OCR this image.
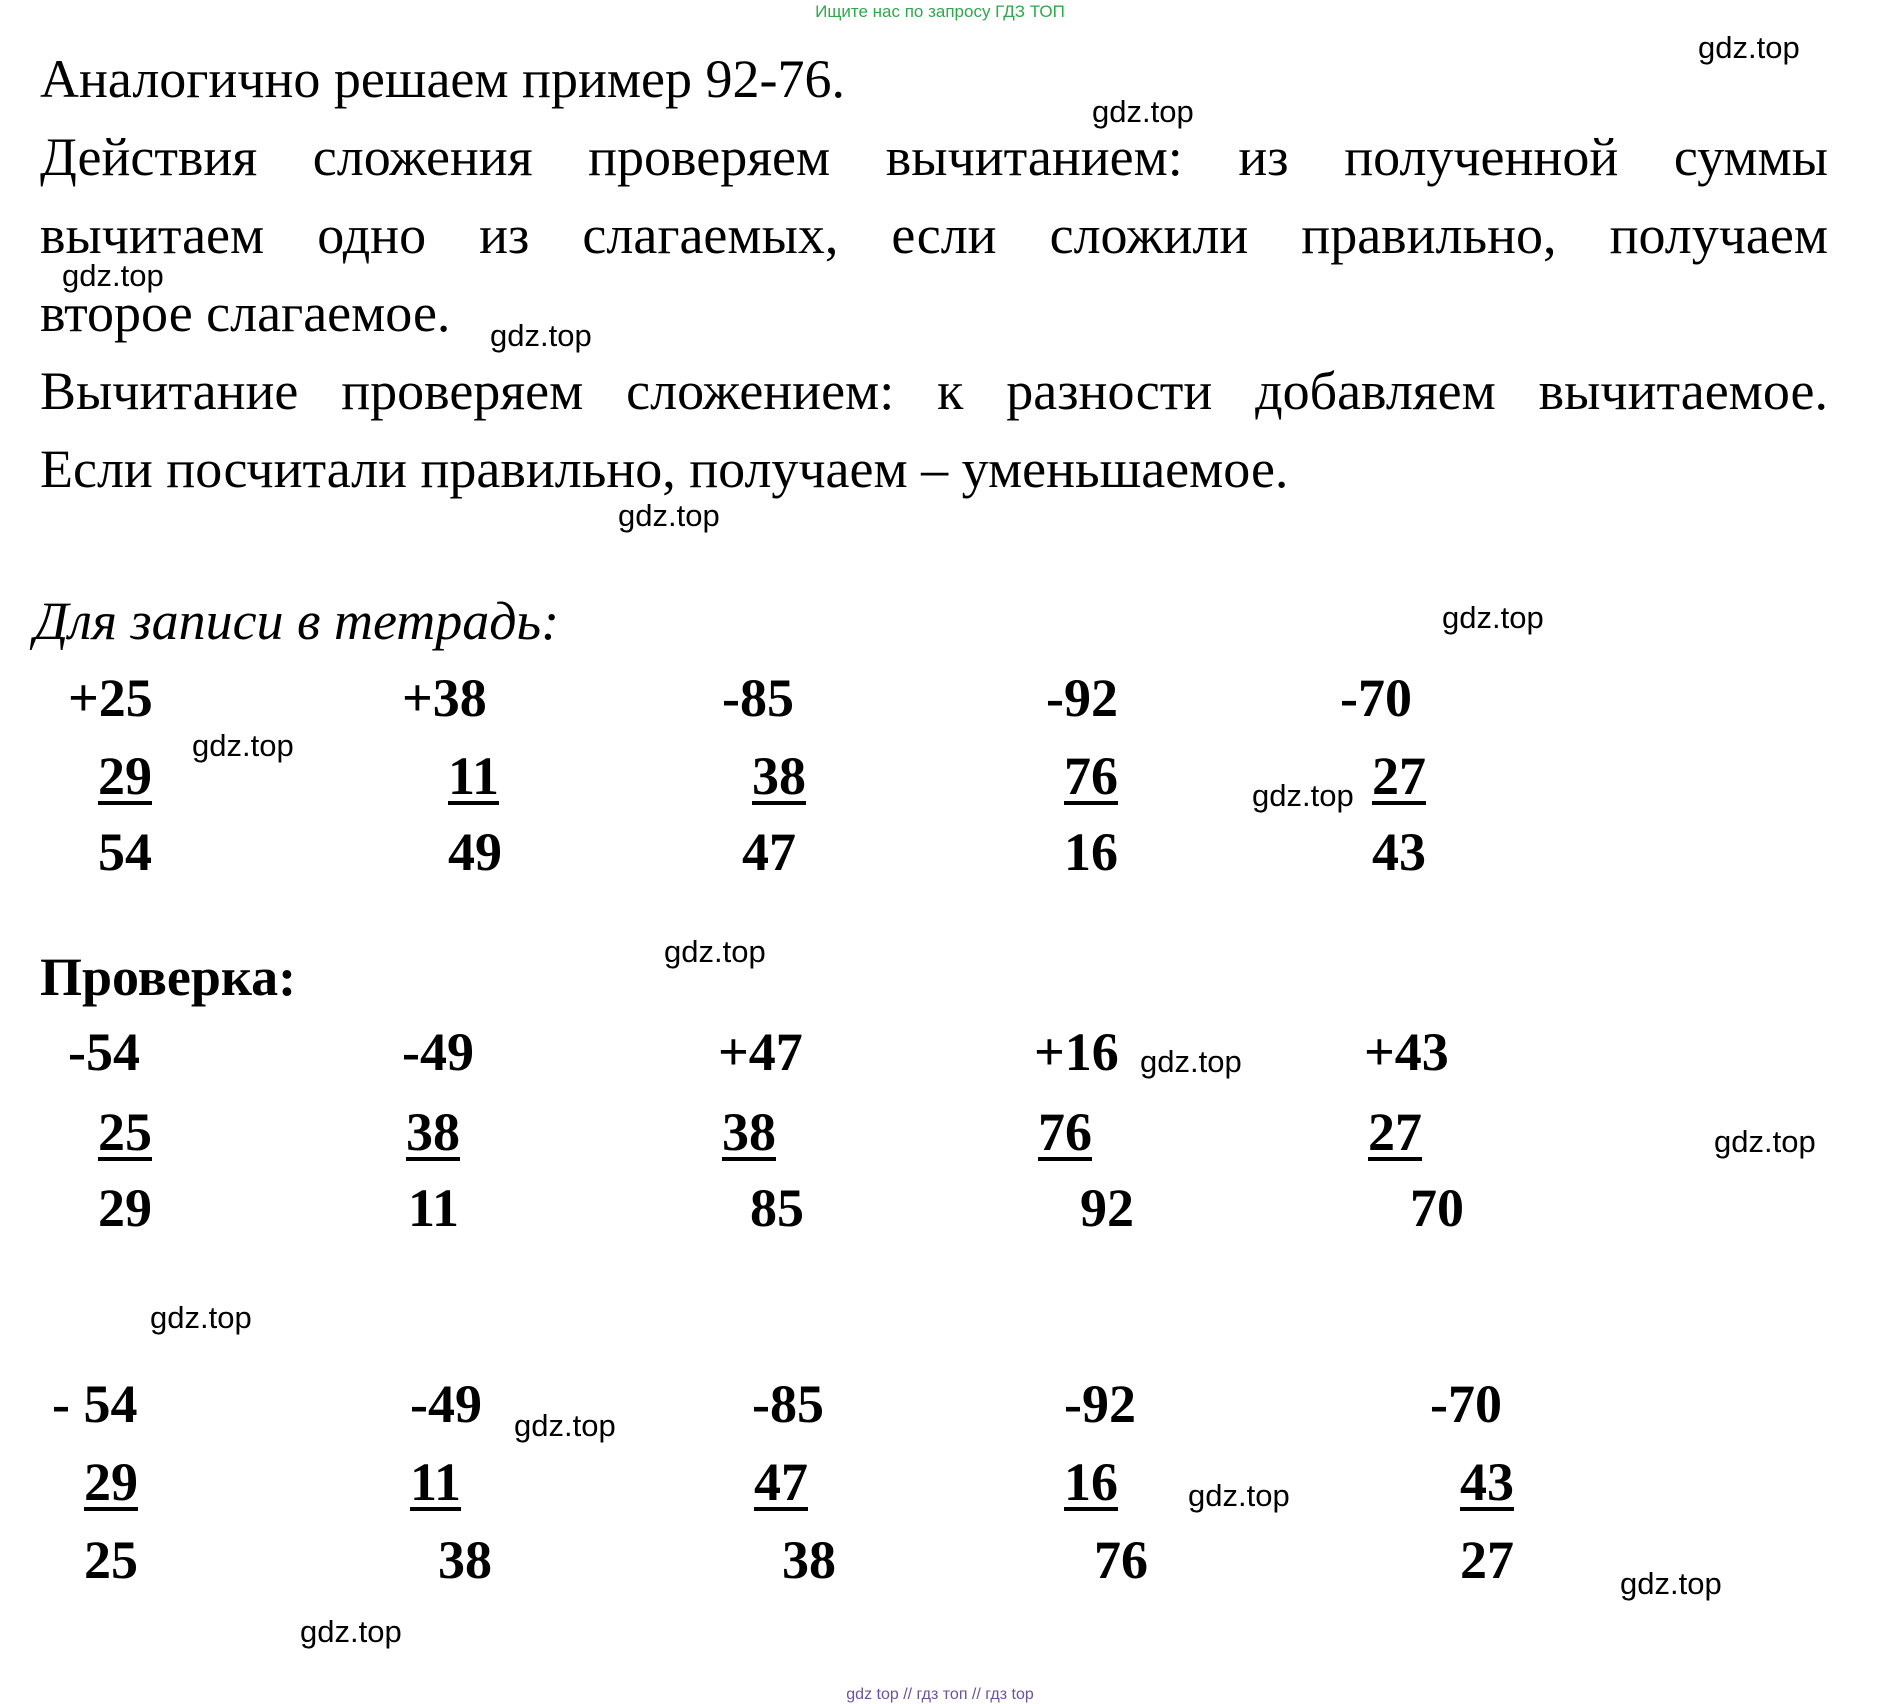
Ищите нас по запросу ГДЗ ТОП
gdz top // гдз топ // гдз top
Аналогично решаем пример 92-76.
Действия сложения проверяем вычитанием: из полученной суммы
вычитаем одно из слагаемых, если сложили правильно, получаем
второе слагаемое.
Вычитание проверяем сложением: к разности добавляем вычитаемое.
Если посчитали правильно, получаем – уменьшаемое.
Для записи в тетрадь:
Проверка:
+25
29
54
+38
11
49
-85
38
47
-92
76
16
-70
27
43
-54
25
29
-49
38
11
+47
38
85
+16
76
92
+43
27
70
- 54
29
25
-49
11
38
-85
47
38
-92
16
76
-70
43
27
gdz.top
gdz.top
gdz.top
gdz.top
gdz.top
gdz.top
gdz.top
gdz.top
gdz.top
gdz.top
gdz.top
gdz.top
gdz.top
gdz.top
gdz.top
gdz.top
